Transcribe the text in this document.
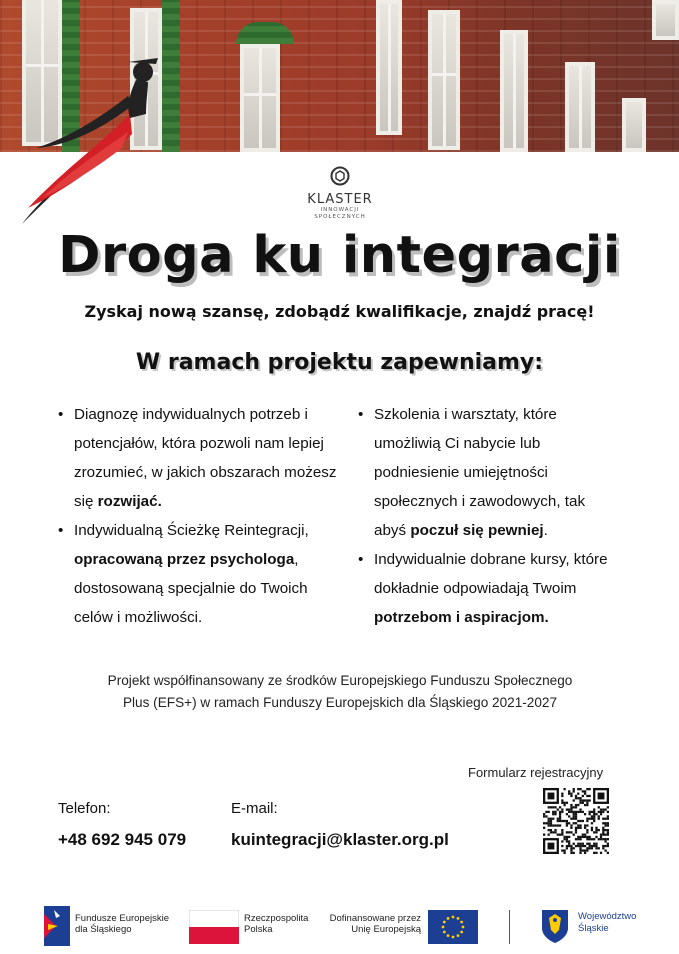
KLASTER
INNOWACJI
SPOŁECZNYCH
Droga ku integracji
Zyskaj nową szansę, zdobądź kwalifikacje, znajdź pracę!
W ramach projektu zapewniamy:
• Diagnozę indywidualnych potrzeb i potencjałów, która pozwoli nam lepiej zrozumieć, w jakich obszarach możesz się rozwijać.
• Indywidualną Ścieżkę Reintegracji, opracowaną przez psychologa, dostosowaną specjalnie do Twoich celów i możliwości.
• Szkolenia i warsztaty, które umożliwią Ci nabycie lub podniesienie umiejętności społecznych i zawodowych, tak abyś poczuł się pewniej.
• Indywidualnie dobrane kursy, które dokładnie odpowiadają Twoim potrzebom i aspiracjom.
Projekt współfinansowany ze środków Europejskiego Funduszu Społecznego
Plus (EFS+) w ramach Funduszy Europejskich dla Śląskiego 2021-2027
Formularz rejestracyjny
Telefon:
+48 692 945 079
E-mail:
kuintegracji@klaster.org.pl
Fundusze Europejskie
dla Śląskiego
Rzeczpospolita
Polska
Dofinansowane przez
Unię Europejską
Województwo
Śląskie
